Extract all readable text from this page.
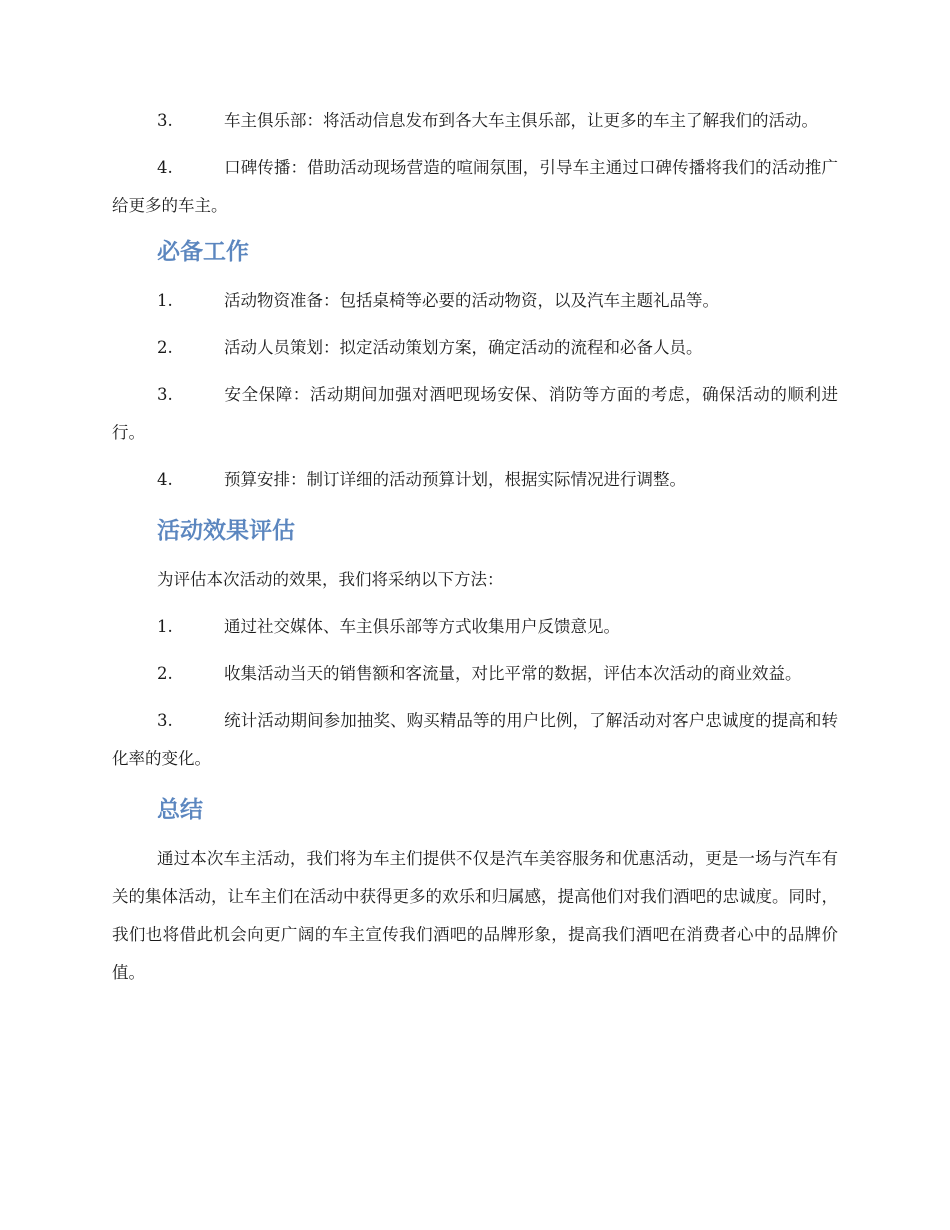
3.	车主俱乐部：将活动信息发布到各大车主俱乐部，让更多的车主了解我们的活动。

4.	口碑传播：借助活动现场营造的喧闹氛围，引导车主通过口碑传播将我们的活动推广给更多的车主。

必备工作

1.	活动物资准备：包括桌椅等必要的活动物资，以及汽车主题礼品等。

2.	活动人员策划：拟定活动策划方案，确定活动的流程和必备人员。

3.	安全保障：活动期间加强对酒吧现场安保、消防等方面的考虑，确保活动的顺利进行。

4.	预算安排：制订详细的活动预算计划，根据实际情况进行调整。

活动效果评估

为评估本次活动的效果，我们将采纳以下方法：

1.	通过社交媒体、车主俱乐部等方式收集用户反馈意见。

2.	收集活动当天的销售额和客流量，对比平常的数据，评估本次活动的商业效益。

3.	统计活动期间参加抽奖、购买精品等的用户比例，了解活动对客户忠诚度的提高和转化率的变化。

总结

通过本次车主活动，我们将为车主们提供不仅是汽车美容服务和优惠活动，更是一场与汽车有关的集体活动，让车主们在活动中获得更多的欢乐和归属感，提高他们对我们酒吧的忠诚度。同时，我们也将借此机会向更广阔的车主宣传我们酒吧的品牌形象，提高我们酒吧在消费者心中的品牌价值。
